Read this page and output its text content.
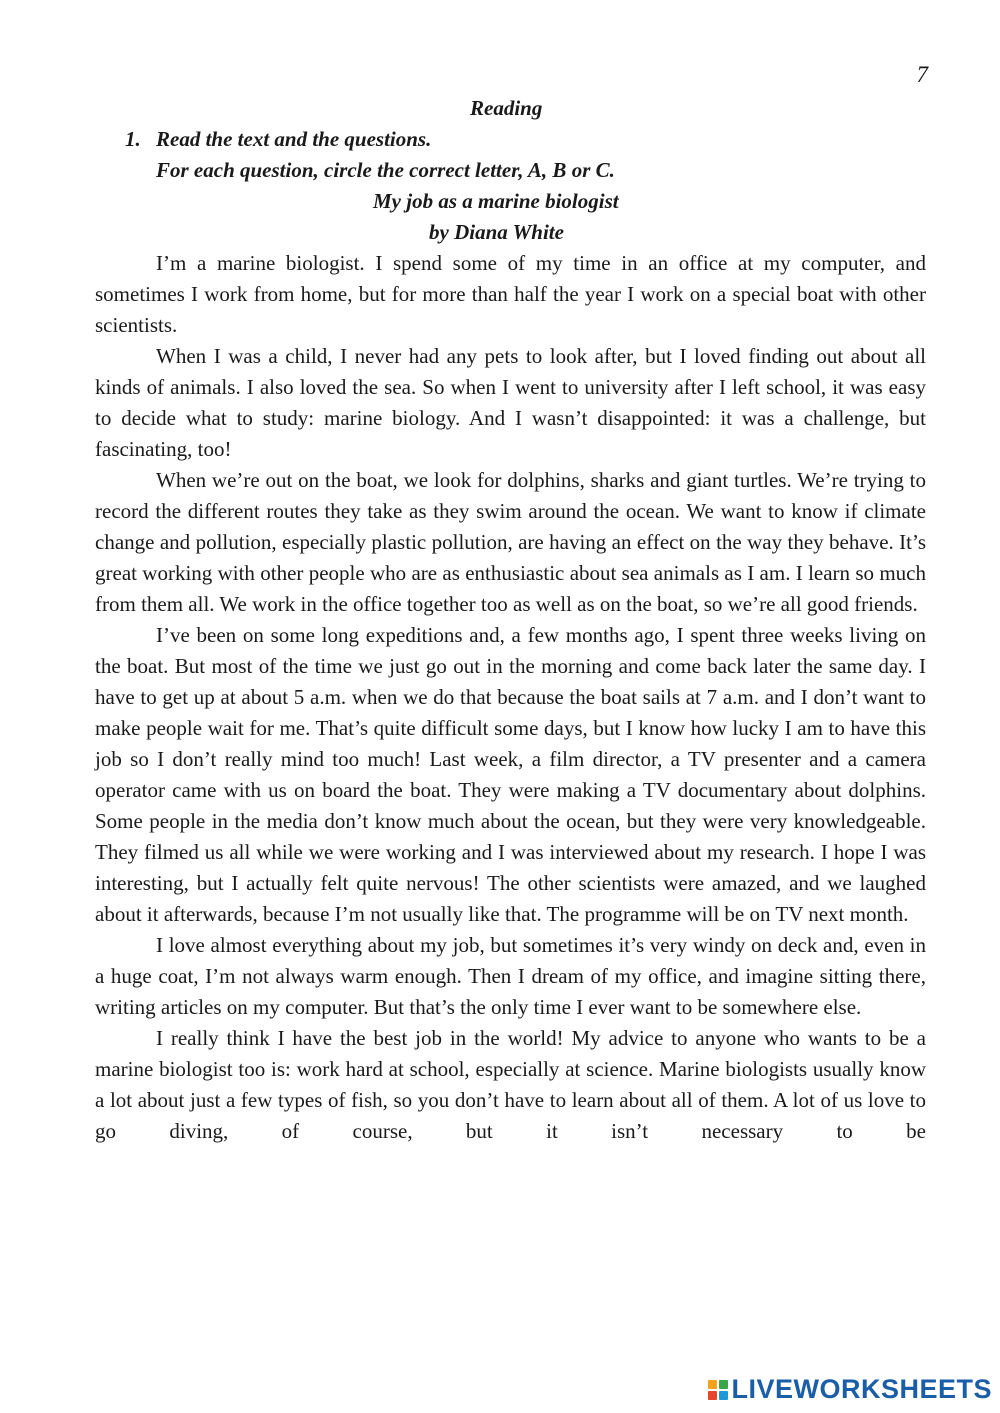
7
Reading
1. Read the text and the questions.
For each question, circle the correct letter, A, B or C.
My job as a marine biologist
by Diana White

I’m a marine biologist. I spend some of my time in an office at my computer, and sometimes I work from home, but for more than half the year I work on a special boat with other scientists.

When I was a child, I never had any pets to look after, but I loved finding out about all kinds of animals. I also loved the sea. So when I went to university after I left school, it was easy to decide what to study: marine biology. And I wasn’t disappointed: it was a challenge, but fascinating, too!

When we’re out on the boat, we look for dolphins, sharks and giant turtles. We’re trying to record the different routes they take as they swim around the ocean. We want to know if climate change and pollution, especially plastic pollution, are having an effect on the way they behave. It’s great working with other people who are as enthusiastic about sea animals as I am. I learn so much from them all. We work in the office together too as well as on the boat, so we’re all good friends.

I’ve been on some long expeditions and, a few months ago, I spent three weeks living on the boat. But most of the time we just go out in the morning and come back later the same day. I have to get up at about 5 a.m. when we do that because the boat sails at 7 a.m. and I don’t want to make people wait for me. That’s quite difficult some days, but I know how lucky I am to have this job so I don’t really mind too much! Last week, a film director, a TV presenter and a camera operator came with us on board the boat. They were making a TV documentary about dolphins. Some people in the media don’t know much about the ocean, but they were very knowledgeable. They filmed us all while we were working and I was interviewed about my research. I hope I was interesting, but I actually felt quite nervous! The other scientists were amazed, and we laughed about it afterwards, because I’m not usually like that. The programme will be on TV next month.

I love almost everything about my job, but sometimes it’s very windy on deck and, even in a huge coat, I’m not always warm enough. Then I dream of my office, and imagine sitting there, writing articles on my computer. But that’s the only time I ever want to be somewhere else.

I really think I have the best job in the world! My advice to anyone who wants to be a marine biologist too is: work hard at school, especially at science. Marine biologists usually know a lot about just a few types of fish, so you don’t have to learn about all of them. A lot of us love to go diving, of course, but it isn’t necessary to be

LIVEWORKSHEETS
